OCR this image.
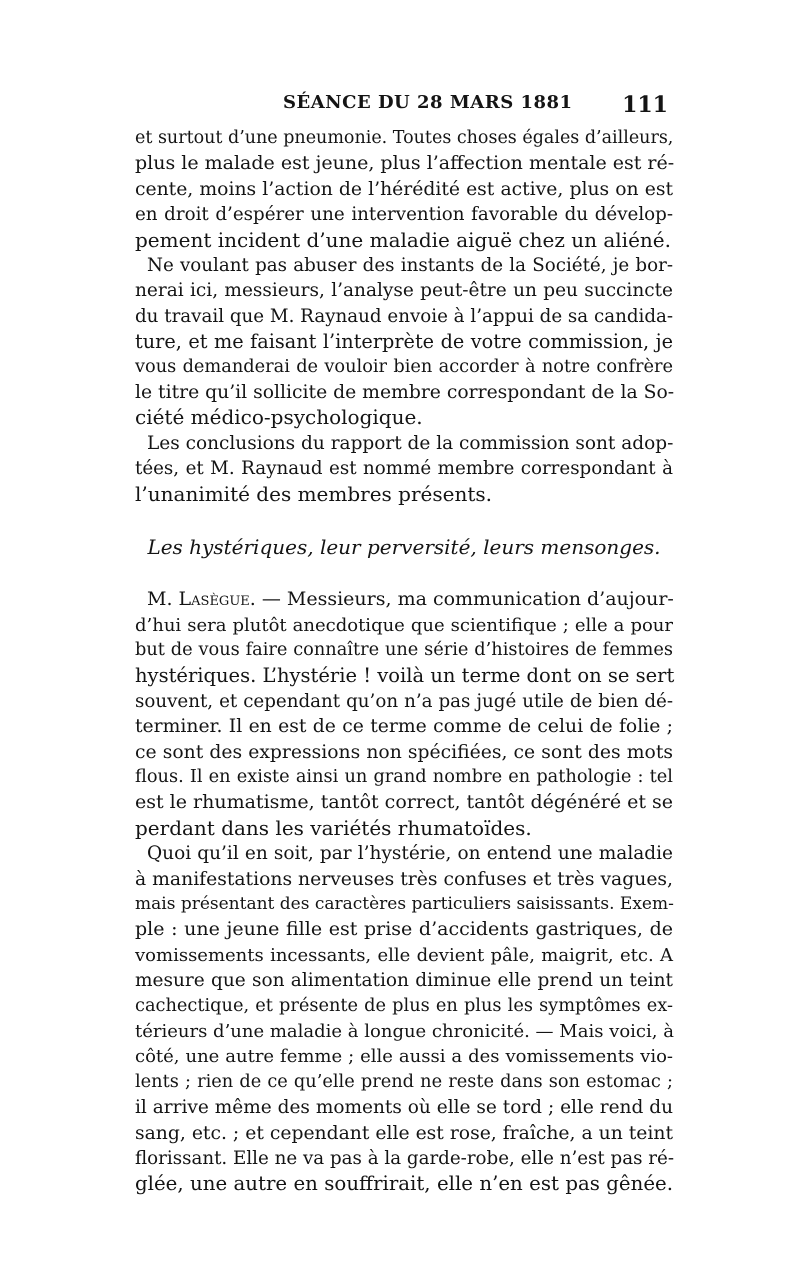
SÉANCE DU 28 MARS 1881 111

et surtout d’une pneumonie. Toutes choses égales d’ailleurs,
plus le malade est jeune, plus l’affection mentale est ré-
cente, moins l’action de l’hérédité est active, plus on est
en droit d’espérer une intervention favorable du dévelop-
pement incident d’une maladie aiguë chez un aliéné.

Ne voulant pas abuser des instants de la Société, je bor-
nerai ici, messieurs, l’analyse peut-être un peu succincte
du travail que M. Raynaud envoie à l’appui de sa candida-
ture, et me faisant l’interprète de votre commission, je
vous demanderai de vouloir bien accorder à notre confrère
le titre qu’il sollicite de membre correspondant de la So-
ciété médico-psychologique.

Les conclusions du rapport de la commission sont adop-
tées, et M. Raynaud est nommé membre correspondant à
l’unanimité des membres présents.

Les hystériques, leur perversité, leurs mensonges.

M. Lasègue. — Messieurs, ma communication d’aujour-
d’hui sera plutôt anecdotique que scientifique ; elle a pour
but de vous faire connaître une série d’histoires de femmes
hystériques. L’hystérie ! voilà un terme dont on se sert
souvent, et cependant qu’on n’a pas jugé utile de bien dé-
terminer. Il en est de ce terme comme de celui de folie ;
ce sont des expressions non spécifiées, ce sont des mots
flous. Il en existe ainsi un grand nombre en pathologie : tel
est le rhumatisme, tantôt correct, tantôt dégénéré et se
perdant dans les variétés rhumatoïdes.

Quoi qu’il en soit, par l’hystérie, on entend une maladie
à manifestations nerveuses très confuses et très vagues,
mais présentant des caractères particuliers saisissants. Exem-
ple : une jeune fille est prise d’accidents gastriques, de
vomissements incessants, elle devient pâle, maigrit, etc. A
mesure que son alimentation diminue elle prend un teint
cachectique, et présente de plus en plus les symptômes ex-
térieurs d’une maladie à longue chronicité. — Mais voici, à
côté, une autre femme ; elle aussi a des vomissements vio-
lents ; rien de ce qu’elle prend ne reste dans son estomac ;
il arrive même des moments où elle se tord ; elle rend du
sang, etc. ; et cependant elle est rose, fraîche, a un teint
florissant. Elle ne va pas à la garde-robe, elle n’est pas ré-
glée, une autre en souffrirait, elle n’en est pas gênée.
